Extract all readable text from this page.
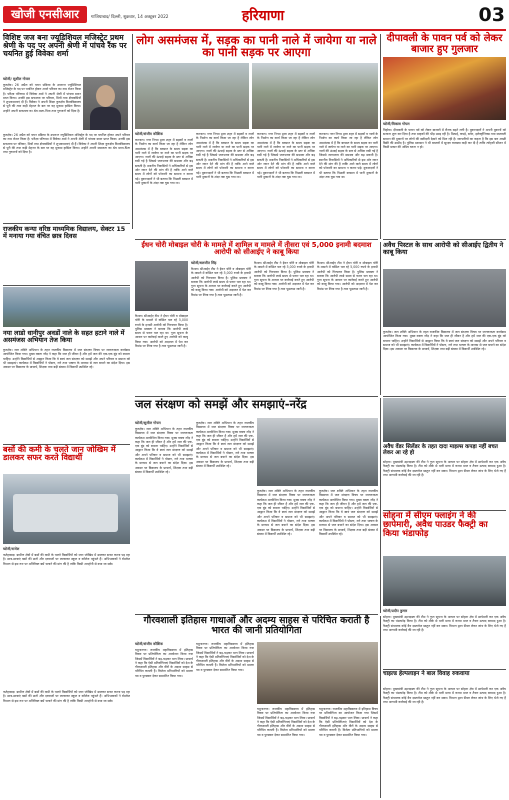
खोजी एनसीआर	गाजियाबाद/ दिल्ली, शुक्रवार, 14 अक्टूबर 2022	हरियाणा	03
विशिष्ट जज बना ज्यूडिशियल मजिस्ट्रेट प्रथम श्रेणी के पद पर अपनी श्रेणी में पांचवे रैंक पर चयनित हुई विवेका शर्मा
खोजी/ सुशील गोयल
कुरुक्षेत्र। 26 अप्रैल को चयन प्रक्रिया के उपरान्त ज्यूडिशियल मजिस्ट्रेट के पद पर चयनित होकर अपने परिवार का नाम रोशन किया है। परीक्षा परिणाम में विवेका शर्मा ने अपनी श्रेणी में पांचवा स्थान प्राप्त किया। उनकी इस सफलता पर परिवार, मित्रों तथा क्षेत्रवासियों ने शुभकामनाएं दी हैं। विवेका ने अपनी शिक्षा कुरुक्षेत्र विश्वविद्यालय से पूरी की तथा कड़ी मेहनत के बल पर यह मुकाम हासिल किया। उन्होंने अपनी सफलता का श्रेय माता-पिता तथा गुरुजनों को दिया है।
कुरुक्षेत्र। 26 अप्रैल को चयन प्रक्रिया के उपरान्त ज्यूडिशियल मजिस्ट्रेट के पद पर चयनित होकर अपने परिवार का नाम रोशन किया है। परीक्षा परिणाम में विवेका शर्मा ने अपनी श्रेणी में पांचवा स्थान प्राप्त किया। उनकी इस सफलता पर परिवार, मित्रों तथा क्षेत्रवासियों ने शुभकामनाएं दी हैं। विवेका ने अपनी शिक्षा कुरुक्षेत्र विश्वविद्यालय से पूरी की तथा कड़ी मेहनत के बल पर यह मुकाम हासिल किया। उन्होंने अपनी सफलता का श्रेय माता-पिता तथा गुरुजनों को दिया है।
राजकीय कन्या वरिष्ठ माध्यमिक विद्यालय, सेक्टर 15 में मनाया गया वंचित छात्र दिवस
लोग असमंजस में, सड़क का पानी नाले में जायेगा या नाले का पानी सड़क पर आएगा
खोजी/संजीव कौशिक
करनाल। नगर निगम द्वारा शहर में सड़कों व नालों के निर्माण का कार्य किया जा रहा है लेकिन लोग असमंजस में हैं कि बरसात के समय सड़क का पानी नाले में जायेगा या नाले का पानी सड़क पर आएगा। नालों की ऊंचाई सड़क के स्तर से अधिक रखी गई है जिससे जलभराव की समस्या और बढ़ सकती है। स्थानीय निवासियों ने अधिकारियों से इस ओर ध्यान देने की मांग की है ताकि आने वाले समय में लोगों को परेशानी का सामना न करना पड़े। दुकानदारों ने भी बताया कि पिछली बरसात में पानी दुकानों के अंदर तक घुस गया था।
करनाल। नगर निगम द्वारा शहर में सड़कों व नालों के निर्माण का कार्य किया जा रहा है लेकिन लोग असमंजस में हैं कि बरसात के समय सड़क का पानी नाले में जायेगा या नाले का पानी सड़क पर आएगा। नालों की ऊंचाई सड़क के स्तर से अधिक रखी गई है जिससे जलभराव की समस्या और बढ़ सकती है। स्थानीय निवासियों ने अधिकारियों से इस ओर ध्यान देने की मांग की है ताकि आने वाले समय में लोगों को परेशानी का सामना न करना पड़े। दुकानदारों ने भी बताया कि पिछली बरसात में पानी दुकानों के अंदर तक घुस गया था।
करनाल। नगर निगम द्वारा शहर में सड़कों व नालों के निर्माण का कार्य किया जा रहा है लेकिन लोग असमंजस में हैं कि बरसात के समय सड़क का पानी नाले में जायेगा या नाले का पानी सड़क पर आएगा। नालों की ऊंचाई सड़क के स्तर से अधिक रखी गई है जिससे जलभराव की समस्या और बढ़ सकती है। स्थानीय निवासियों ने अधिकारियों से इस ओर ध्यान देने की मांग की है ताकि आने वाले समय में लोगों को परेशानी का सामना न करना पड़े। दुकानदारों ने भी बताया कि पिछली बरसात में पानी दुकानों के अंदर तक घुस गया था।
करनाल। नगर निगम द्वारा शहर में सड़कों व नालों के निर्माण का कार्य किया जा रहा है लेकिन लोग असमंजस में हैं कि बरसात के समय सड़क का पानी नाले में जायेगा या नाले का पानी सड़क पर आएगा। नालों की ऊंचाई सड़क के स्तर से अधिक रखी गई है जिससे जलभराव की समस्या और बढ़ सकती है। स्थानीय निवासियों ने अधिकारियों से इस ओर ध्यान देने की मांग की है ताकि आने वाले समय में लोगों को परेशानी का सामना न करना पड़े। दुकानदारों ने भी बताया कि पिछली बरसात में पानी दुकानों के अंदर तक घुस गया था।
दीपावली के पावन पर्व को लेकर बाजार हुए गुलजार
खोजी/विकास गोयल
पिहोवा। दीपावली के पावन पर्व को लेकर बाजारों में रौनक बढ़ने लगी है। दुकानदारों ने अपनी दुकानों को सजाना शुरू कर दिया है तथा ग्राहकों की भीड़ उमड़ रही है। मिठाई, कपड़े, बर्तन, इलेक्ट्रॉनिक्स तथा सजावटी सामान की दुकानों पर लोगों की खरीदारी देखने को मिल रही है। व्यापारियों का कहना है कि इस बार अच्छी बिक्री की उम्मीद है। पुलिस प्रशासन ने भी बाजारों में सुरक्षा व्यवस्था कड़ी कर दी है ताकि त्योहारी सीजन में किसी प्रकार की अप्रिय घटना न हो।
ईंधन चोरी मोबाइल चोरी के मामले में शामिल व मामले में तीसरा एवं 5,000 इनामी बदमाश आरोपी को सीआईए ने काबू किया
खोजी/बलजीत सिंह
कैथल। सीआईए टीम ने ईंधन चोरी व मोबाइल चोरी के मामले में वांछित चल रहे 5,000 रुपये के इनामी आरोपी को गिरफ्तार किया है। पुलिस प्रवक्ता ने बताया कि आरोपी लम्बे समय से फरार चल रहा था। गुप्त सूचना के आधार पर कार्रवाई करते हुए आरोपी को काबू किया गया। आरोपी को अदालत में पेश कर रिमांड पर लिया गया है तथा पूछताछ जारी है।
कैथल। सीआईए टीम ने ईंधन चोरी व मोबाइल चोरी के मामले में वांछित चल रहे 5,000 रुपये के इनामी आरोपी को गिरफ्तार किया है। पुलिस प्रवक्ता ने बताया कि आरोपी लम्बे समय से फरार चल रहा था। गुप्त सूचना के आधार पर कार्रवाई करते हुए आरोपी को काबू किया गया। आरोपी को अदालत में पेश कर रिमांड पर लिया गया है तथा पूछताछ जारी है।
कैथल। सीआईए टीम ने ईंधन चोरी व मोबाइल चोरी के मामले में वांछित चल रहे 5,000 रुपये के इनामी आरोपी को गिरफ्तार किया है। पुलिस प्रवक्ता ने बताया कि आरोपी लम्बे समय से फरार चल रहा था। गुप्त सूचना के आधार पर कार्रवाई करते हुए आरोपी को काबू किया गया। आरोपी को अदालत में पेश कर रिमांड पर लिया गया है तथा पूछताछ जारी है।
कैथल। सीआईए टीम ने ईंधन चोरी व मोबाइल चोरी के मामले में वांछित चल रहे 5,000 रुपये के इनामी आरोपी को गिरफ्तार किया है। पुलिस प्रवक्ता ने बताया कि आरोपी लम्बे समय से फरार चल रहा था। गुप्त सूचना के आधार पर कार्रवाई करते हुए आरोपी को काबू किया गया। आरोपी को अदालत में पेश कर रिमांड पर लिया गया है तथा पूछताछ जारी है।
अवैध पिस्टल के साथ आरोपी को सीआईए द्वितीय ने काबू किया
कुरुक्षेत्र। जल शक्ति अभियान के तहत राजकीय विद्यालय में जल संरक्षण विषय पर जागरूकता कार्यक्रम आयोजित किया गया। मुख्य वक्ता नरेंद्र ने कहा कि जल ही जीवन है और हमें जल की एक-एक बूंद को बचाना चाहिए। उन्होंने विद्यार्थियों से आह्वान किया कि वे स्वयं जल संरक्षण को समझें और अपने परिवार व समाज को भी समझाएं। कार्यक्रम में विद्यार्थियों ने पोस्टर, नारे तथा भाषण के माध्यम से जल बचाने का संदेश दिया। इस अवसर पर विद्यालय के प्राचार्य, शिक्षक तथा बड़ी संख्या में विद्यार्थी उपस्थित रहे।
नया लाडो धानीपुर अवडों नाले के सहत हटाने नाले में असमंजस अभियान तेज किया
कुरुक्षेत्र। जल शक्ति अभियान के तहत राजकीय विद्यालय में जल संरक्षण विषय पर जागरूकता कार्यक्रम आयोजित किया गया। मुख्य वक्ता नरेंद्र ने कहा कि जल ही जीवन है और हमें जल की एक-एक बूंद को बचाना चाहिए। उन्होंने विद्यार्थियों से आह्वान किया कि वे स्वयं जल संरक्षण को समझें और अपने परिवार व समाज को भी समझाएं। कार्यक्रम में विद्यार्थियों ने पोस्टर, नारे तथा भाषण के माध्यम से जल बचाने का संदेश दिया। इस अवसर पर विद्यालय के प्राचार्य, शिक्षक तथा बड़ी संख्या में विद्यार्थी उपस्थित रहे।
जल संरक्षण को समझें और समझाएं-नरेंद्र
खोजी/सुशील गोयल
कुरुक्षेत्र। जल शक्ति अभियान के तहत राजकीय विद्यालय में जल संरक्षण विषय पर जागरूकता कार्यक्रम आयोजित किया गया। मुख्य वक्ता नरेंद्र ने कहा कि जल ही जीवन है और हमें जल की एक-एक बूंद को बचाना चाहिए। उन्होंने विद्यार्थियों से आह्वान किया कि वे स्वयं जल संरक्षण को समझें और अपने परिवार व समाज को भी समझाएं। कार्यक्रम में विद्यार्थियों ने पोस्टर, नारे तथा भाषण के माध्यम से जल बचाने का संदेश दिया। इस अवसर पर विद्यालय के प्राचार्य, शिक्षक तथा बड़ी संख्या में विद्यार्थी उपस्थित रहे।
कुरुक्षेत्र। जल शक्ति अभियान के तहत राजकीय विद्यालय में जल संरक्षण विषय पर जागरूकता कार्यक्रम आयोजित किया गया। मुख्य वक्ता नरेंद्र ने कहा कि जल ही जीवन है और हमें जल की एक-एक बूंद को बचाना चाहिए। उन्होंने विद्यार्थियों से आह्वान किया कि वे स्वयं जल संरक्षण को समझें और अपने परिवार व समाज को भी समझाएं। कार्यक्रम में विद्यार्थियों ने पोस्टर, नारे तथा भाषण के माध्यम से जल बचाने का संदेश दिया। इस अवसर पर विद्यालय के प्राचार्य, शिक्षक तथा बड़ी संख्या में विद्यार्थी उपस्थित रहे।
कुरुक्षेत्र। जल शक्ति अभियान के तहत राजकीय विद्यालय में जल संरक्षण विषय पर जागरूकता कार्यक्रम आयोजित किया गया। मुख्य वक्ता नरेंद्र ने कहा कि जल ही जीवन है और हमें जल की एक-एक बूंद को बचाना चाहिए। उन्होंने विद्यार्थियों से आह्वान किया कि वे स्वयं जल संरक्षण को समझें और अपने परिवार व समाज को भी समझाएं। कार्यक्रम में विद्यार्थियों ने पोस्टर, नारे तथा भाषण के माध्यम से जल बचाने का संदेश दिया। इस अवसर पर विद्यालय के प्राचार्य, शिक्षक तथा बड़ी संख्या में विद्यार्थी उपस्थित रहे।
कुरुक्षेत्र। जल शक्ति अभियान के तहत राजकीय विद्यालय में जल संरक्षण विषय पर जागरूकता कार्यक्रम आयोजित किया गया। मुख्य वक्ता नरेंद्र ने कहा कि जल ही जीवन है और हमें जल की एक-एक बूंद को बचाना चाहिए। उन्होंने विद्यार्थियों से आह्वान किया कि वे स्वयं जल संरक्षण को समझें और अपने परिवार व समाज को भी समझाएं। कार्यक्रम में विद्यार्थियों ने पोस्टर, नारे तथा भाषण के माध्यम से जल बचाने का संदेश दिया। इस अवसर पर विद्यालय के प्राचार्य, शिक्षक तथा बड़ी संख्या में विद्यार्थी उपस्थित रहे।
अवैध वेंडर सिलेंडर के तहत दादा माइल्स कपड़ा नहीं बचत लेकर आ रहे हो
सोहना। मुख्यमंत्री उड़नदस्ता की टीम ने गुप्त सूचना के आधार पर सोहना क्षेत्र में छापेमारी कर एक अवैध फैक्ट्री का भंडाफोड़ किया है। टीम को मौके से भारी मात्रा में कच्चा माल व तैयार उत्पाद बरामद हुआ है। फैक्ट्री संचालक कोई वैध दस्तावेज प्रस्तुत नहीं कर सका। विभाग द्वारा सैंपल लेकर जांच के लिए भेजे गए हैं तथा आगामी कार्रवाई की जा रही है।
सोहना में सीएम फ्लाइंग ने की छापेमारी, अवैध पाउडर फैक्ट्री का किया भंडाफोड़
खोजी/प्रदीप कुमार
सोहना। मुख्यमंत्री उड़नदस्ता की टीम ने गुप्त सूचना के आधार पर सोहना क्षेत्र में छापेमारी कर एक अवैध फैक्ट्री का भंडाफोड़ किया है। टीम को मौके से भारी मात्रा में कच्चा माल व तैयार उत्पाद बरामद हुआ है। फैक्ट्री संचालक कोई वैध दस्तावेज प्रस्तुत नहीं कर सका। विभाग द्वारा सैंपल लेकर जांच के लिए भेजे गए हैं तथा आगामी कार्रवाई की जा रही है।
बसों की कमी के चलते जान जोखिम में डालकर सफर करते विद्यार्थी
खोजी/राजेश
फतेहाबाद। ग्रामीण क्षेत्रों में बसों की कमी के चलते विद्यार्थियों को जान जोखिम में डालकर सफर करना पड़ रहा है। छात्र-छात्राएं बसों की छतों और दरवाजों पर लटककर स्कूल व कॉलेज पहुंचते हैं। अभिभावकों ने रोडवेज विभाग से इस रूट पर अतिरिक्त बसें चलाने की मांग की है ताकि किसी अनहोनी से बचा जा सके।
गौरवशाली इतिहास गाथाओं और अदम्य साहस से परिचित कराती है भारत की जानी प्रतियोगिता
खोजी/संजीव कौशिक
यमुनानगर। राजकीय महाविद्यालय में इतिहास विषय पर प्रतियोगिता का आयोजन किया गया जिसमें विद्यार्थियों ने बढ़-चढ़कर भाग लिया। प्राचार्य ने कहा कि ऐसी प्रतियोगिताएं विद्यार्थियों को देश के गौरवशाली इतिहास और वीरों के अदम्य साहस से परिचित कराती हैं। विजेता प्रतिभागियों को प्रमाण पत्र व पुरस्कार देकर सम्मानित किया गया।
यमुनानगर। राजकीय महाविद्यालय में इतिहास विषय पर प्रतियोगिता का आयोजन किया गया जिसमें विद्यार्थियों ने बढ़-चढ़कर भाग लिया। प्राचार्य ने कहा कि ऐसी प्रतियोगिताएं विद्यार्थियों को देश के गौरवशाली इतिहास और वीरों के अदम्य साहस से परिचित कराती हैं। विजेता प्रतिभागियों को प्रमाण पत्र व पुरस्कार देकर सम्मानित किया गया।
यमुनानगर। राजकीय महाविद्यालय में इतिहास विषय पर प्रतियोगिता का आयोजन किया गया जिसमें विद्यार्थियों ने बढ़-चढ़कर भाग लिया। प्राचार्य ने कहा कि ऐसी प्रतियोगिताएं विद्यार्थियों को देश के गौरवशाली इतिहास और वीरों के अदम्य साहस से परिचित कराती हैं। विजेता प्रतिभागियों को प्रमाण पत्र व पुरस्कार देकर सम्मानित किया गया।
यमुनानगर। राजकीय महाविद्यालय में इतिहास विषय पर प्रतियोगिता का आयोजन किया गया जिसमें विद्यार्थियों ने बढ़-चढ़कर भाग लिया। प्राचार्य ने कहा कि ऐसी प्रतियोगिताएं विद्यार्थियों को देश के गौरवशाली इतिहास और वीरों के अदम्य साहस से परिचित कराती हैं। विजेता प्रतिभागियों को प्रमाण पत्र व पुरस्कार देकर सम्मानित किया गया।
चाइल्ड हेल्पलाइन ने बाल विवाह रुकवाया
सोहना। मुख्यमंत्री उड़नदस्ता की टीम ने गुप्त सूचना के आधार पर सोहना क्षेत्र में छापेमारी कर एक अवैध फैक्ट्री का भंडाफोड़ किया है। टीम को मौके से भारी मात्रा में कच्चा माल व तैयार उत्पाद बरामद हुआ है। फैक्ट्री संचालक कोई वैध दस्तावेज प्रस्तुत नहीं कर सका। विभाग द्वारा सैंपल लेकर जांच के लिए भेजे गए हैं तथा आगामी कार्रवाई की जा रही है।
फतेहाबाद। ग्रामीण क्षेत्रों में बसों की कमी के चलते विद्यार्थियों को जान जोखिम में डालकर सफर करना पड़ रहा है। छात्र-छात्राएं बसों की छतों और दरवाजों पर लटककर स्कूल व कॉलेज पहुंचते हैं। अभिभावकों ने रोडवेज विभाग से इस रूट पर अतिरिक्त बसें चलाने की मांग की है ताकि किसी अनहोनी से बचा जा सके।
